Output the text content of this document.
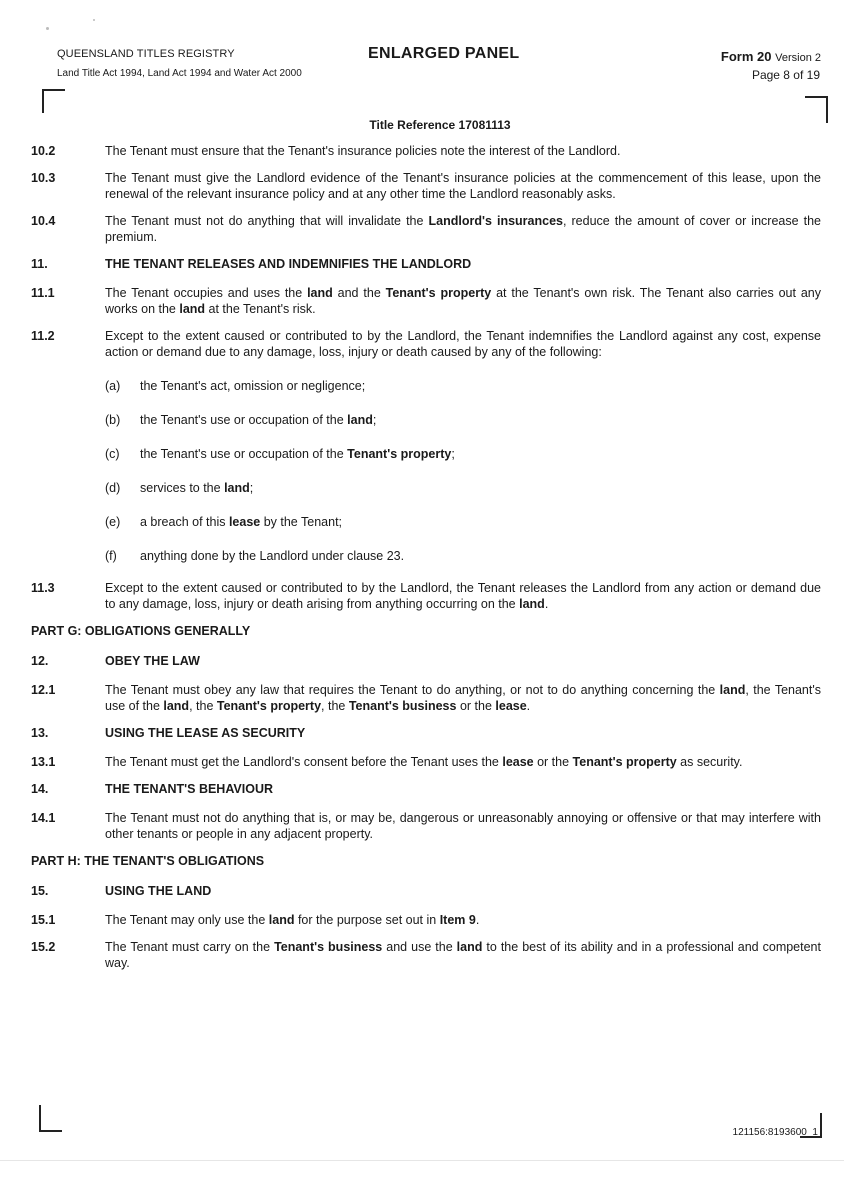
QUEENSLAND TITLES REGISTRY
Land Title Act 1994, Land Act 1994 and Water Act 2000
ENLARGED PANEL	Form 20 Version 2
Page 8 of 19
Title Reference 17081113
10.2	The Tenant must ensure that the Tenant's insurance policies note the interest of the Landlord.
10.3	The Tenant must give the Landlord evidence of the Tenant's insurance policies at the commencement of this lease, upon the renewal of the relevant insurance policy and at any other time the Landlord reasonably asks.
10.4	The Tenant must not do anything that will invalidate the Landlord's insurances, reduce the amount of cover or increase the premium.
11.	THE TENANT RELEASES AND INDEMNIFIES THE LANDLORD
11.1	The Tenant occupies and uses the land and the Tenant's property at the Tenant's own risk. The Tenant also carries out any works on the land at the Tenant's risk.
11.2	Except to the extent caused or contributed to by the Landlord, the Tenant indemnifies the Landlord against any cost, expense action or demand due to any damage, loss, injury or death caused by any of the following:
(a)	the Tenant's act, omission or negligence;
(b)	the Tenant's use or occupation of the land;
(c)	the Tenant's use or occupation of the Tenant's property;
(d)	services to the land;
(e)	a breach of this lease by the Tenant;
(f)	anything done by the Landlord under clause 23.
11.3	Except to the extent caused or contributed to by the Landlord, the Tenant releases the Landlord from any action or demand due to any damage, loss, injury or death arising from anything occurring on the land.
PART G: OBLIGATIONS GENERALLY
12.	OBEY THE LAW
12.1	The Tenant must obey any law that requires the Tenant to do anything, or not to do anything concerning the land, the Tenant's use of the land, the Tenant's property, the Tenant's business or the lease.
13.	USING THE LEASE AS SECURITY
13.1	The Tenant must get the Landlord's consent before the Tenant uses the lease or the Tenant's property as security.
14.	THE TENANT'S BEHAVIOUR
14.1	The Tenant must not do anything that is, or may be, dangerous or unreasonably annoying or offensive or that may interfere with other tenants or people in any adjacent property.
PART H: THE TENANT'S OBLIGATIONS
15.	USING THE LAND
15.1	The Tenant may only use the land for the purpose set out in Item 9.
15.2	The Tenant must carry on the Tenant's business and use the land to the best of its ability and in a professional and competent way.
121156:8193600_1
